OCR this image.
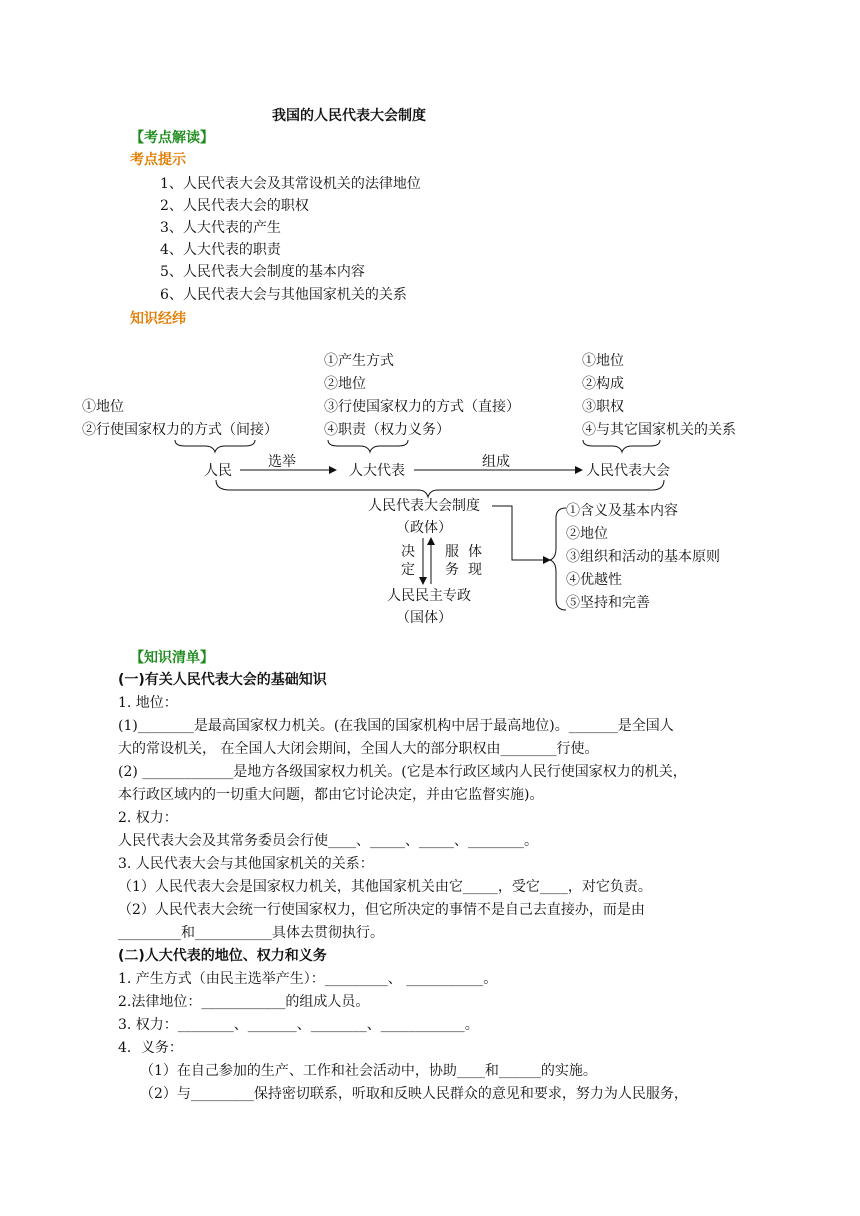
我国的人民代表大会制度
【考点解读】
考点提示
1、人民代表大会及其常设机关的法律地位
2、人民代表大会的职权
3、人大代表的产生
4、人大代表的职责
5、人民代表大会制度的基本内容
6、人民代表大会与其他国家机关的关系
知识经纬
①地位
②行使国家权力的方式（间接）
①产生方式
②地位
③行使国家权力的方式（直接）
④职责（权力义务）
①地位
②构成
③职权
④与其它国家机关的关系
人民
选举
人大代表
组成
人民代表大会
人民代表大会制度
（政体）
决
定
服
务
体
现
人民民主专政
（国体）
①含义及基本内容
②地位
③组织和活动的基本原则
④优越性
⑤坚持和完善
【知识清单】
(一)有关人民代表大会的基础知识
1. 地位：
(1)________是最高国家权力机关。(在我国的国家机构中居于最高地位)。_______是全国人
大的常设机关， 在全国人大闭会期间，全国人大的部分职权由________行使。
(2) _____________是地方各级国家权力机关。(它是本行政区域内人民行使国家权力的机关，
本行政区域内的一切重大问题，都由它讨论决定，并由它监督实施)。
2. 权力：
人民代表大会及其常务委员会行使____、_____、_____、________。
3. 人民代表大会与其他国家机关的关系：
（1）人民代表大会是国家权力机关，其他国家机关由它_____，受它____，对它负责。
（2）人民代表大会统一行使国家权力，但它所决定的事情不是自己去直接办，而是由
_________和___________具体去贯彻执行。
(二)人大代表的地位、权力和义务
1. 产生方式（由民主选举产生）：_________、 ___________。
2.法律地位：____________的组成人员。
3. 权力：________、_______、________、____________。
4．义务：
（1）在自己参加的生产、工作和社会活动中，协助____和______的实施。
（2）与_________保持密切联系，听取和反映人民群众的意见和要求，努力为人民服务，
